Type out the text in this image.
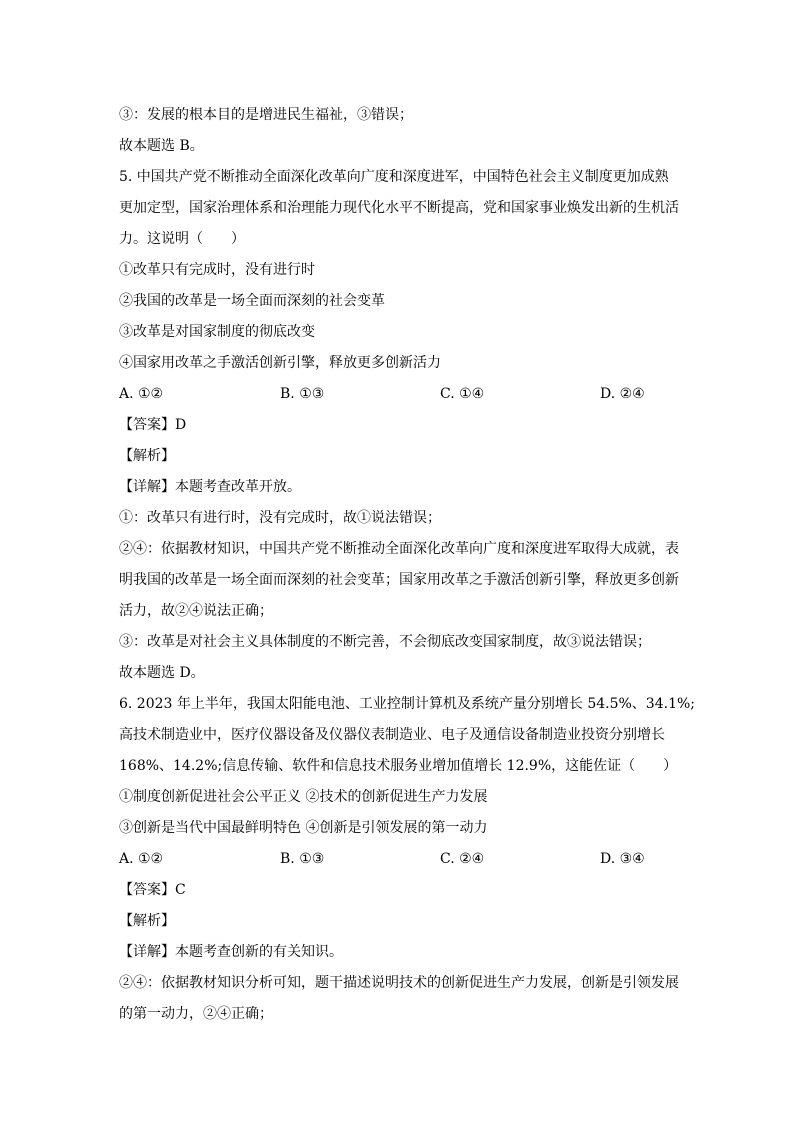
③：发展的根本目的是增进民生福祉，③错误；
故本题选 B。
5. 中国共产党不断推动全面深化改革向广度和深度进军，中国特色社会主义制度更加成熟
更加定型，国家治理体系和治理能力现代化水平不断提高，党和国家事业焕发出新的生机活
力。这说明（　　）
①改革只有完成时，没有进行时
②我国的改革是一场全面而深刻的社会变革
③改革是对国家制度的彻底改变
④国家用改革之手激活创新引擎，释放更多创新活力
A. ①②	B. ①③	C. ①④	D. ②④
【答案】D
【解析】
【详解】本题考查改革开放。
①：改革只有进行时，没有完成时，故①说法错误；
②④：依据教材知识，中国共产党不断推动全面深化改革向广度和深度进军取得大成就，表
明我国的改革是一场全面而深刻的社会变革；国家用改革之手激活创新引擎，释放更多创新
活力，故②④说法正确；
③：改革是对社会主义具体制度的不断完善，不会彻底改变国家制度，故③说法错误；
故本题选 D。
6. 2023 年上半年，我国太阳能电池、工业控制计算机及系统产量分别增长 54.5%、34.1%;
高技术制造业中，医疗仪器设备及仪器仪表制造业、电子及通信设备制造业投资分别增长
168%、14.2%;信息传输、软件和信息技术服务业增加值增长 12.9%，这能佐证（　　）
①制度创新促进社会公平正义 ②技术的创新促进生产力发展
③创新是当代中国最鲜明特色 ④创新是引领发展的第一动力
A. ①②	B. ①③	C. ②④	D. ③④
【答案】C
【解析】
【详解】本题考查创新的有关知识。
②④：依据教材知识分析可知，题干描述说明技术的创新促进生产力发展，创新是引领发展
的第一动力，②④正确；
